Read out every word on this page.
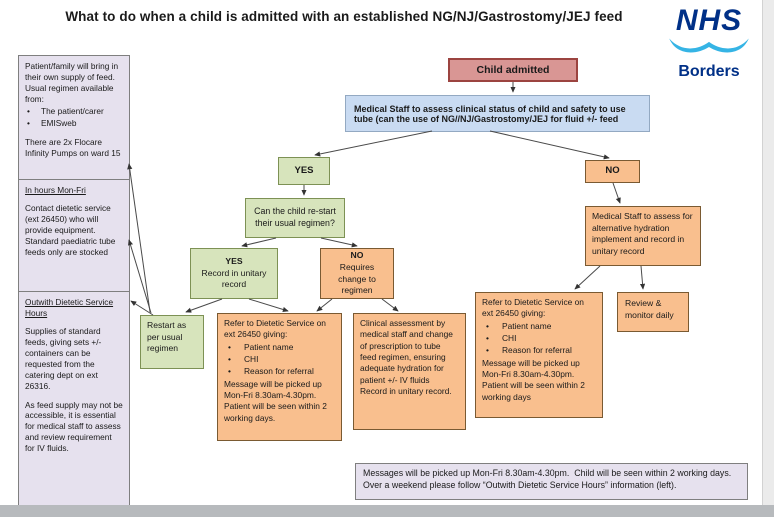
What to do when a child is admitted with an established NG/NJ/Gastrostomy/JEJ feed	NHS
Borders
Patient/family will bring in their own supply of feed.  Usual regimen available from:
•	The patient/carer
•	EMISweb
There are 2x Flocare Infinity Pumps on ward 15
In hours Mon-Fri
Contact dietetic service (ext 26450) who will provide equipment. Standard paediatric tube feeds only are stocked
Outwith Dietetic Service Hours
Supplies of standard feeds, giving sets +/- containers can be requested from the catering dept on ext 26316.
As feed supply may not be accessible, it is essential for medical staff to assess and review requirement for IV fluids.
Child admitted
Medical Staff to assess clinical status of child and safety to use tube (can the use of NG//NJ/Gastrostomy/JEJ for fluid +/- feed
YES	NO
Can the child re-start their usual regimen?
Medical Staff to assess for alternative hydration implement and record in unitary record
YES
Record in unitary record
NO
Requires change to regimen
Restart as per usual regimen
Refer to Dietetic Service on ext 26450 giving:
•	Patient name
•	CHI
•	Reason for referral
Message will be picked up Mon-Fri 8.30am-4.30pm. Patient will be seen within 2 working days.
Clinical assessment by medical staff and change of prescription to tube feed regimen, ensuring adequate hydration for patient +/- IV fluids
Record in unitary record.
Refer to Dietetic Service on ext 26450 giving:
•	Patient name
•	CHI
•	Reason for referral
Message will be picked up Mon-Fri 8.30am-4.30pm. Patient will be seen within 2 working days
Review & monitor daily
Messages will be picked up Mon-Fri 8.30am-4.30pm.  Child will be seen within 2 working days.  Over a weekend please follow “Outwith Dietetic Service Hours” information (left).
